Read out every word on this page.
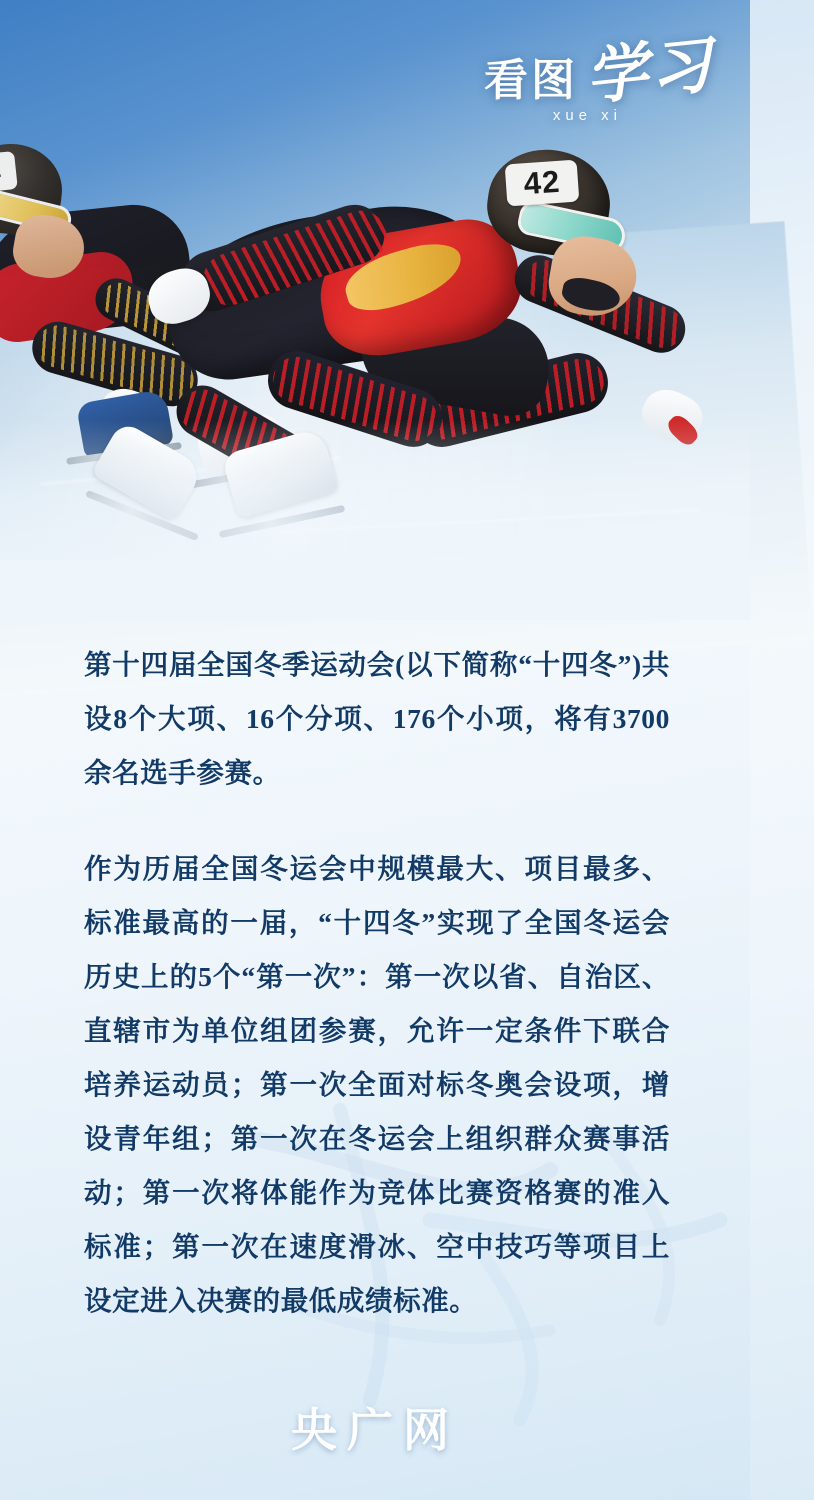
42
看图 学习
xue xi

第十四届全国冬季运动会(以下简称“十四冬”)共设8个大项、16个分项、176个小项，将有3700余名选手参赛。

作为历届全国冬运会中规模最大、项目最多、标准最高的一届，“十四冬”实现了全国冬运会历史上的5个“第一次”：第一次以省、自治区、直辖市为单位组团参赛，允许一定条件下联合培养运动员；第一次全面对标冬奥会设项，增设青年组；第一次在冬运会上组织群众赛事活动；第一次将体能作为竞体比赛资格赛的准入标准；第一次在速度滑冰、空中技巧等项目上设定进入决赛的最低成绩标准。

央广网
